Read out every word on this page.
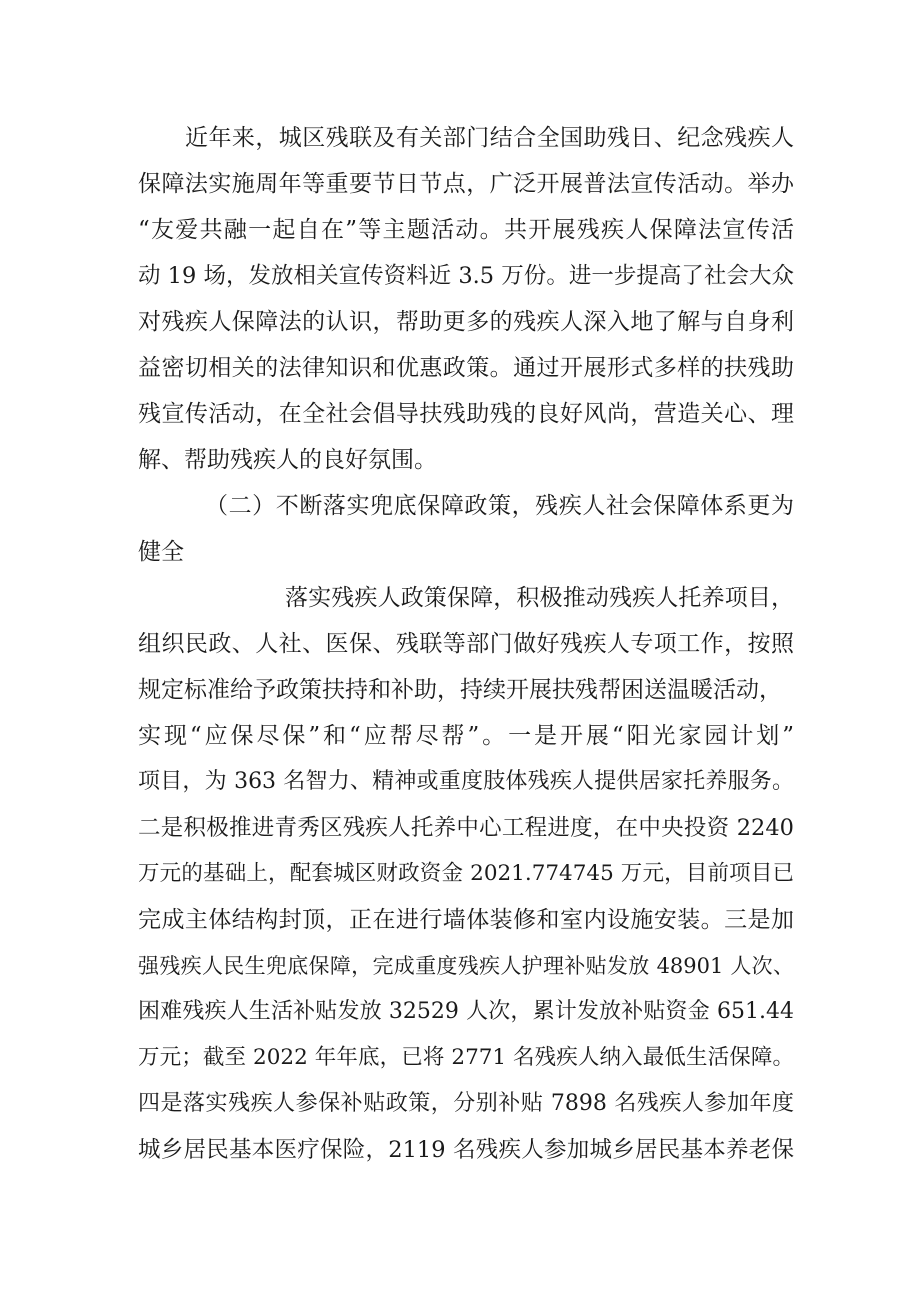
近年来，城区残联及有关部门结合全国助残日、纪念残疾人
保障法实施周年等重要节日节点，广泛开展普法宣传活动。举办
“友爱共融一起自在”等主题活动。共开展残疾人保障法宣传活
动 19 场，发放相关宣传资料近 3.5 万份。进一步提高了社会大众
对残疾人保障法的认识，帮助更多的残疾人深入地了解与自身利
益密切相关的法律知识和优惠政策。通过开展形式多样的扶残助
残宣传活动，在全社会倡导扶残助残的良好风尚，营造关心、理
解、帮助残疾人的良好氛围。
（二）不断落实兜底保障政策，残疾人社会保障体系更为
健全
落实残疾人政策保障，积极推动残疾人托养项目，
组织民政、人社、医保、残联等部门做好残疾人专项工作，按照
规定标准给予政策扶持和补助，持续开展扶残帮困送温暖活动，
实现“应保尽保”和“应帮尽帮”。一是开展“阳光家园计划”
项目，为 363 名智力、精神或重度肢体残疾人提供居家托养服务。
二是积极推进青秀区残疾人托养中心工程进度，在中央投资 2240
万元的基础上，配套城区财政资金 2021.774745 万元，目前项目已
完成主体结构封顶，正在进行墙体装修和室内设施安装。三是加
强残疾人民生兜底保障，完成重度残疾人护理补贴发放 48901 人次、
困难残疾人生活补贴发放 32529 人次，累计发放补贴资金 651.44
万元；截至 2022 年年底，已将 2771 名残疾人纳入最低生活保障。
四是落实残疾人参保补贴政策，分别补贴 7898 名残疾人参加年度
城乡居民基本医疗保险，2119 名残疾人参加城乡居民基本养老保
